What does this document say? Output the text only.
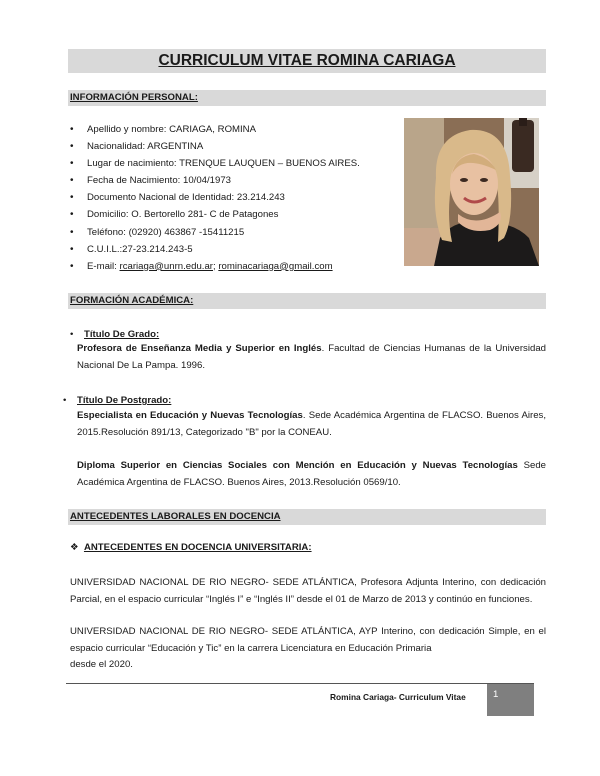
CURRICULUM VITAE ROMINA CARIAGA
INFORMACIÓN PERSONAL:
• Apellido y nombre: CARIAGA, ROMINA
• Nacionalidad: ARGENTINA
• Lugar de nacimiento: TRENQUE LAUQUEN – BUENOS AIRES.
• Fecha de Nacimiento: 10/04/1973
• Documento Nacional de Identidad: 23.214.243
• Domicilio: O. Bertorello 281- C de Patagones
• Teléfono: (02920) 463867 -15411215
• C.U.I.L.:27-23.214.243-5
• E-mail: rcariaga@unrn.edu.ar; rominacariaga@gmail.com
FORMACIÓN ACADÉMICA:
• Título De Grado:
Profesora de Enseñanza Media y Superior en Inglés. Facultad de Ciencias Humanas de la Universidad Nacional De La Pampa. 1996.
• Título De Postgrado:
Especialista en Educación y Nuevas Tecnologías. Sede Académica Argentina de FLACSO. Buenos Aires, 2015.Resolución 891/13, Categorizado "B" por la CONEAU.
Diploma Superior en Ciencias Sociales con Mención en Educación y Nuevas Tecnologías Sede Académica Argentina de FLACSO. Buenos Aires, 2013.Resolución 0569/10.
ANTECEDENTES LABORALES EN DOCENCIA
❖ ANTECEDENTES EN DOCENCIA UNIVERSITARIA:
UNIVERSIDAD NACIONAL DE RIO NEGRO- SEDE ATLÁNTICA, Profesora Adjunta Interino, con dedicación Parcial, en el espacio curricular “Inglés I” e “Inglés II” desde el 01 de Marzo de 2013 y continúo en funciones.
UNIVERSIDAD NACIONAL DE RIO NEGRO- SEDE ATLÁNTICA, AYP Interino, con dedicación Simple, en el espacio curricular “Educación y Tic” en la carrera Licenciatura en Educación Primaria
desde el 2020.
Romina Cariaga- Curriculum Vitae	1
